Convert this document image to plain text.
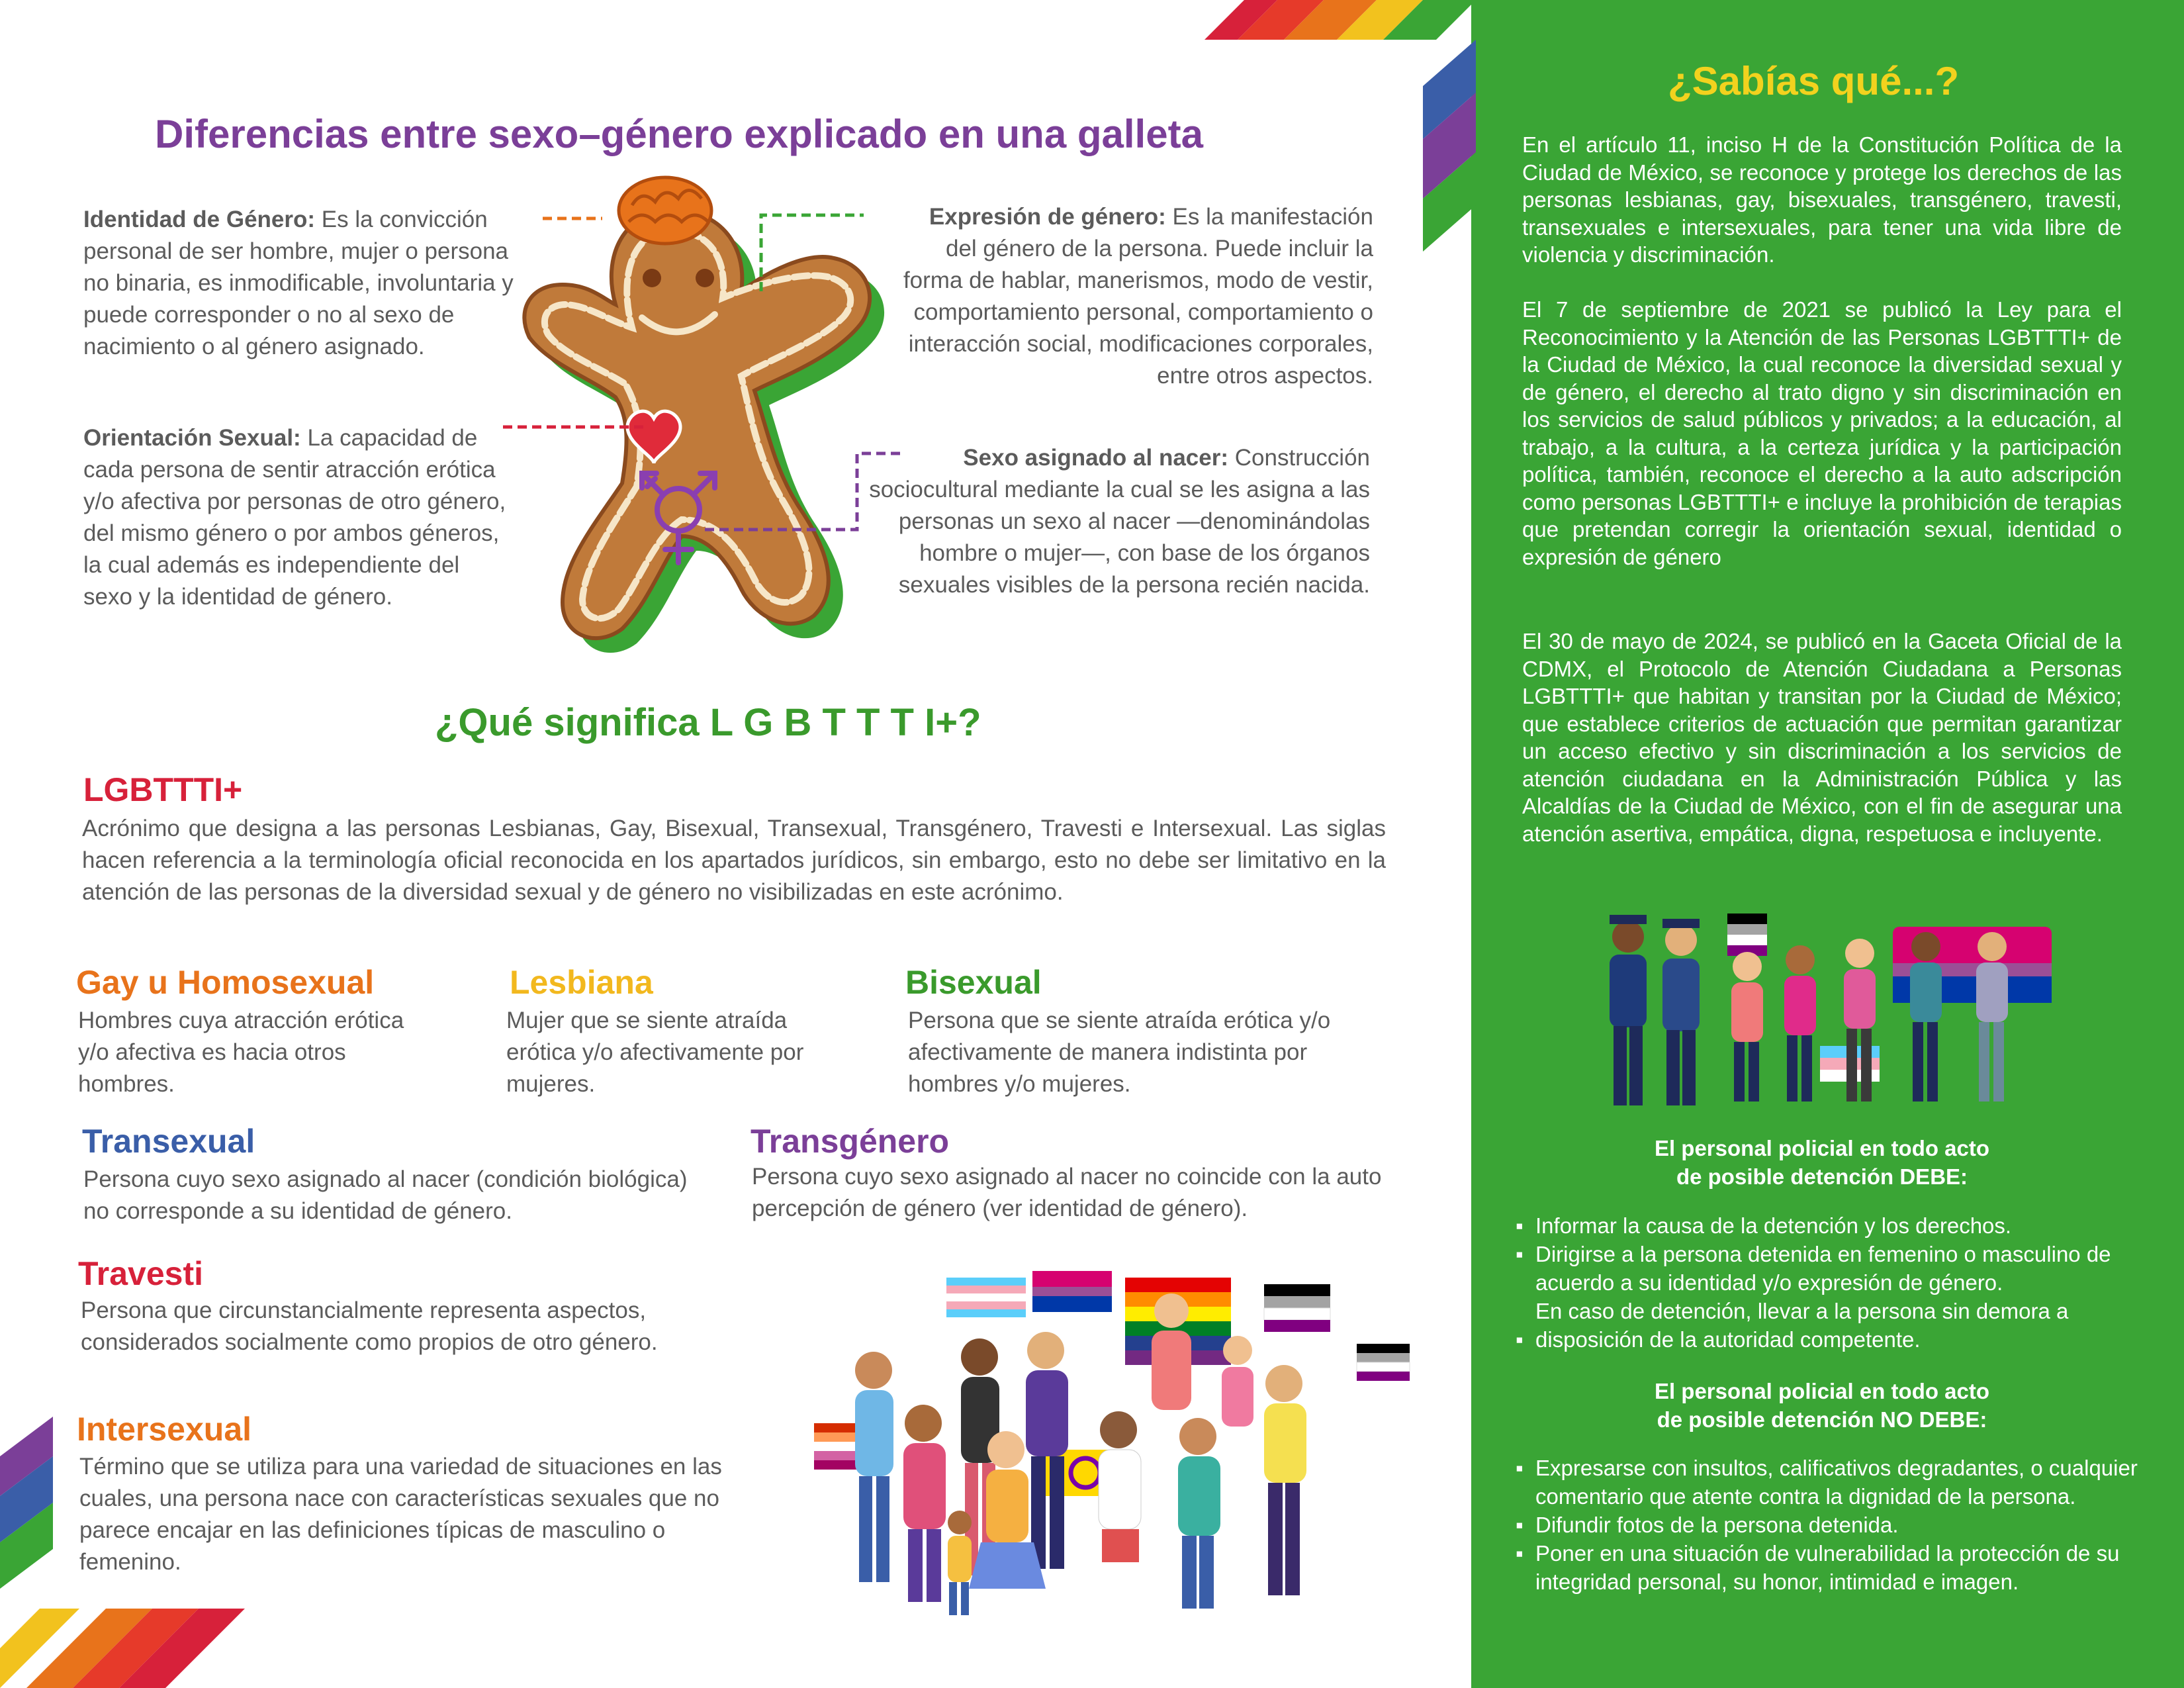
Diferencias entre sexo–género explicado en una galleta
Identidad de Género: Es la convicción personal de ser hombre, mujer o persona no binaria, es inmodificable, involuntaria y puede corresponder o no al sexo de nacimiento o al género asignado.
Orientación Sexual: La capacidad de cada persona de sentir atracción erótica y/o afectiva por personas de otro género, del mismo género o por ambos géneros, la cual además es independiente del sexo y la identidad de género.
Expresión de género: Es la manifestación del género de la persona. Puede incluir la forma de hablar, manerismos, modo de vestir, comportamiento personal, comportamiento o interacción social, modificaciones corporales, entre otros aspectos.
Sexo asignado al nacer: Construcción sociocultural mediante la cual se les asigna a las personas un sexo al nacer —denominándolas hombre o mujer—, con base de los órganos sexuales visibles de la persona recién nacida.
¿Qué significa L G B T T T I+?
LGBTTTI+
Acrónimo que designa a las personas Lesbianas, Gay, Bisexual, Transexual, Transgénero, Travesti e Intersexual. Las siglas hacen referencia a la terminología oficial reconocida en los apartados jurídicos, sin embargo, esto no debe ser limitativo en la atención de las personas de la diversidad sexual y de género no visibilizadas en este acrónimo.
Gay u Homosexual
Hombres cuya atracción erótica y/o afectiva es hacia otros hombres.
Lesbiana
Mujer que se siente atraída erótica y/o afectivamente por mujeres.
Bisexual
Persona que se siente atraída erótica y/o afectivamente de manera indistinta por hombres y/o mujeres.
Transexual
Persona cuyo sexo asignado al nacer (condición biológica) no corresponde a su identidad de género.
Transgénero
Persona cuyo sexo asignado al nacer no coincide con la auto percepción de género (ver identidad de género).
Travesti
Persona que circunstancialmente representa aspectos, considerados socialmente como propios de otro género.
Intersexual
Término que se utiliza para una variedad de situaciones en las cuales, una persona nace con características sexuales que no parece encajar en las definiciones típicas de masculino o femenino.
¿Sabías qué...?
En el artículo 11, inciso H de la Constitución Política de la Ciudad de México, se reconoce y protege los derechos de las personas lesbianas, gay, bisexuales, transgénero, travesti, transexuales e intersexuales, para tener una vida libre de violencia y discriminación.
El 7 de septiembre de 2021 se publicó la Ley para el Reconocimiento y la Atención de las Personas LGBTTTI+ de la Ciudad de México, la cual reconoce la diversidad sexual y de género, el derecho al trato digno y sin discriminación en los servicios de salud públicos y privados; a la educación, al trabajo, a la cultura, a la certeza jurídica y la participación política, también, reconoce el derecho a la auto adscripción como personas LGBTTTI+ e incluye la prohibición de terapias que pretendan corregir la orientación sexual, identidad o expresión de género
El 30 de mayo de 2024, se publicó en la Gaceta Oficial de la CDMX, el Protocolo de Atención Ciudadana a Personas LGBTTTI+ que habitan y transitan por la Ciudad de México; que establece criterios de actuación que permitan garantizar un acceso efectivo y sin discriminación a los servicios de atención ciudadana en la Administración Pública y las Alcaldías de la Ciudad de México, con el fin de asegurar una atención asertiva, empática, digna, respetuosa e incluyente.
El personal policial en todo acto
de posible detención DEBE:
▪ Informar la causa de la detención y los derechos.
▪ Dirigirse a la persona detenida en femenino o masculino de acuerdo a su identidad y/o expresión de género.
En caso de detención, llevar a la persona sin demora a
▪ disposición de la autoridad competente.
El personal policial en todo acto
de posible detención NO DEBE:
▪ Expresarse con insultos, calificativos degradantes, o cualquier comentario que atente contra la dignidad de la persona.
▪ Difundir fotos de la persona detenida.
▪ Poner en una situación de vulnerabilidad la protección de su integridad personal, su honor, intimidad e imagen.
